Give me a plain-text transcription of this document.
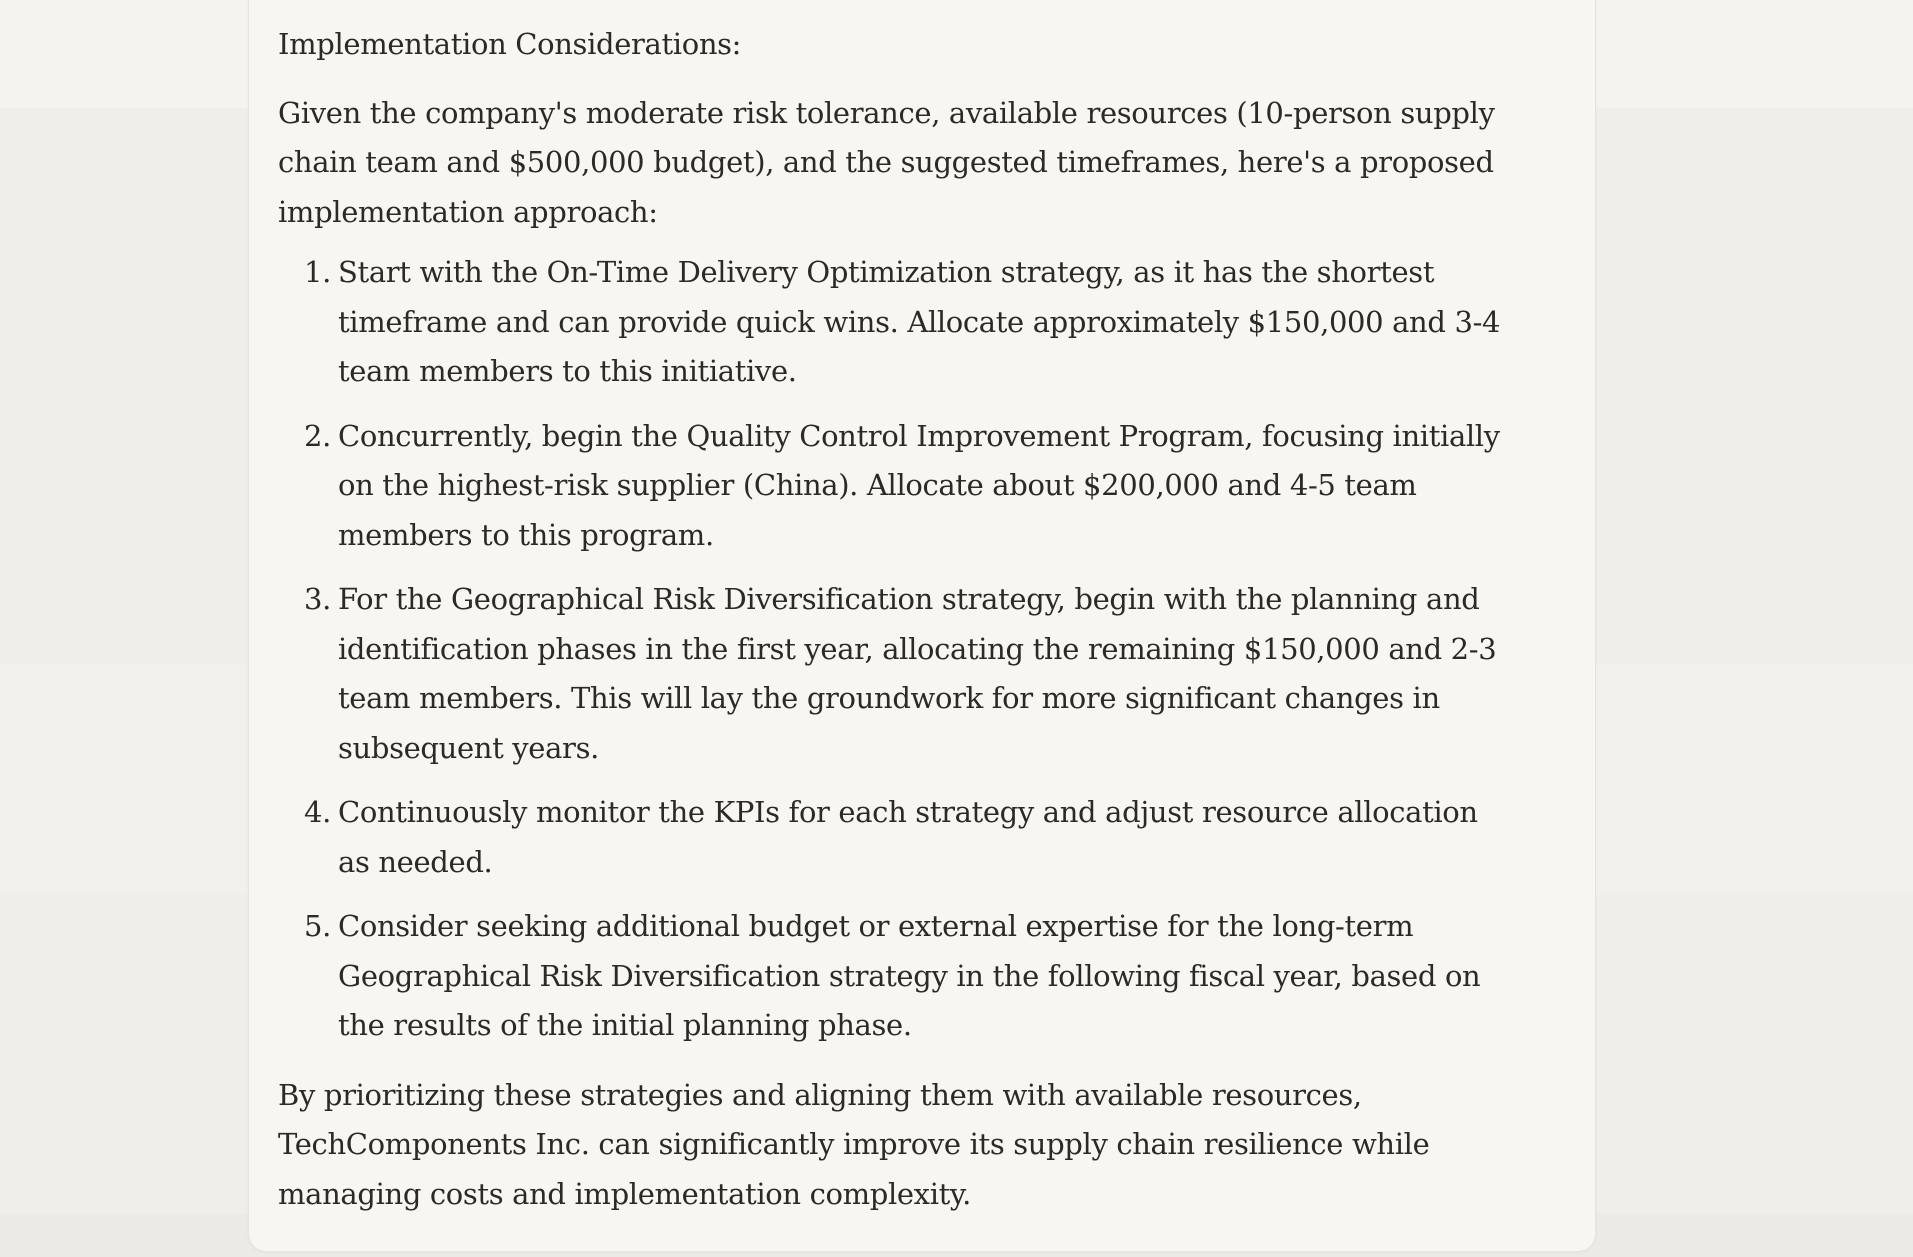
Implementation Considerations:

Given the company's moderate risk tolerance, available resources (10-person supply chain team and $500,000 budget), and the suggested timeframes, here's a proposed implementation approach:

1. Start with the On-Time Delivery Optimization strategy, as it has the shortest timeframe and can provide quick wins. Allocate approximately $150,000 and 3-4 team members to this initiative.
2. Concurrently, begin the Quality Control Improvement Program, focusing initially on the highest-risk supplier (China). Allocate about $200,000 and 4-5 team members to this program.
3. For the Geographical Risk Diversification strategy, begin with the planning and identification phases in the first year, allocating the remaining $150,000 and 2-3 team members. This will lay the groundwork for more significant changes in subsequent years.
4. Continuously monitor the KPIs for each strategy and adjust resource allocation as needed.
5. Consider seeking additional budget or external expertise for the long-term Geographical Risk Diversification strategy in the following fiscal year, based on the results of the initial planning phase.

By prioritizing these strategies and aligning them with available resources, TechComponents Inc. can significantly improve its supply chain resilience while managing costs and implementation complexity.
